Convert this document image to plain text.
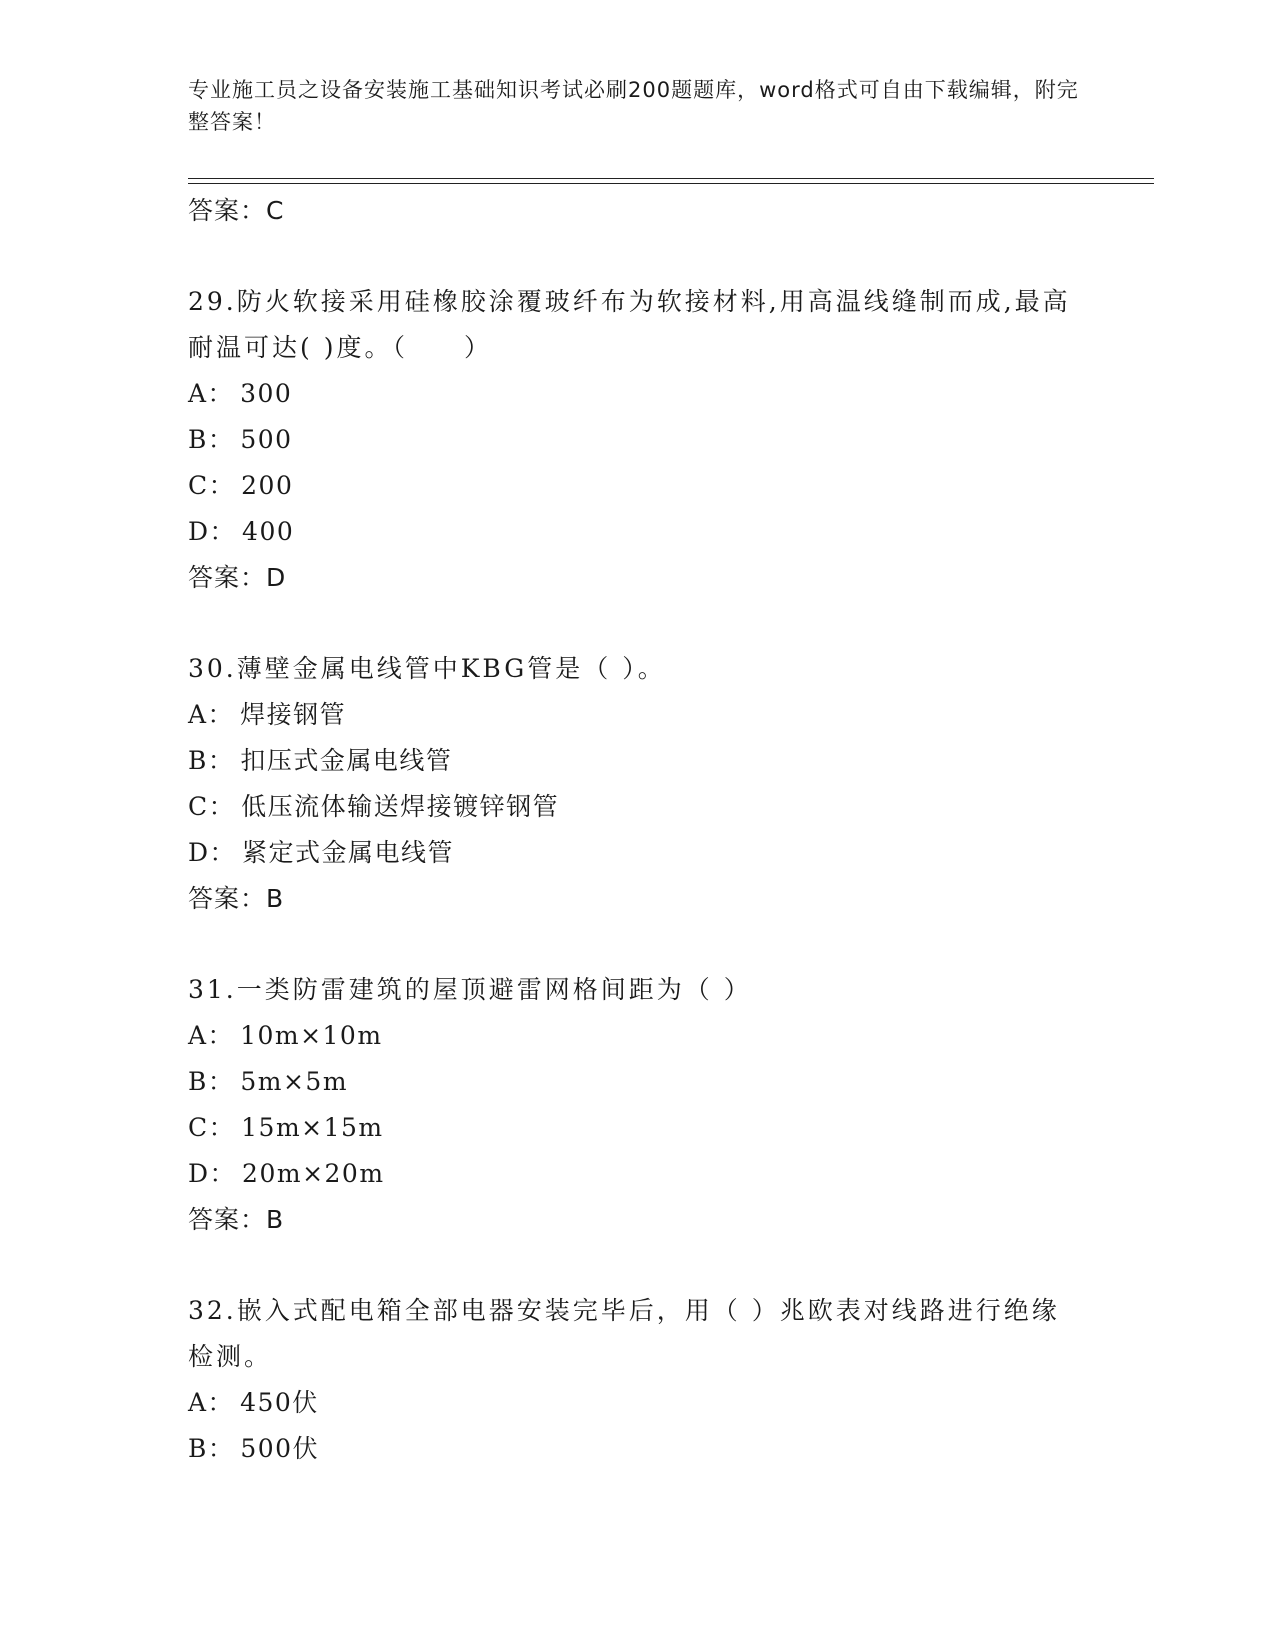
专业施工员之设备安装施工基础知识考试必刷200题题库，word格式可自由下载编辑，附完整答案！
答案：C
29.防火软接采用硅橡胶涂覆玻纤布为软接材料,用高温线缝制而成,最高耐温可达( )度。（　　）
A： 300
B： 500
C： 200
D： 400
答案：D
30.薄壁金属电线管中KBG管是（ ）。
A： 焊接钢管
B： 扣压式金属电线管
C： 低压流体输送焊接镀锌钢管
D： 紧定式金属电线管
答案：B
31.一类防雷建筑的屋顶避雷网格间距为（ ）
A： 10m×10m
B： 5m×5m
C： 15m×15m
D： 20m×20m
答案：B
32.嵌入式配电箱全部电器安装完毕后，用（ ）兆欧表对线路进行绝缘检测。
A： 450伏
B： 500伏
